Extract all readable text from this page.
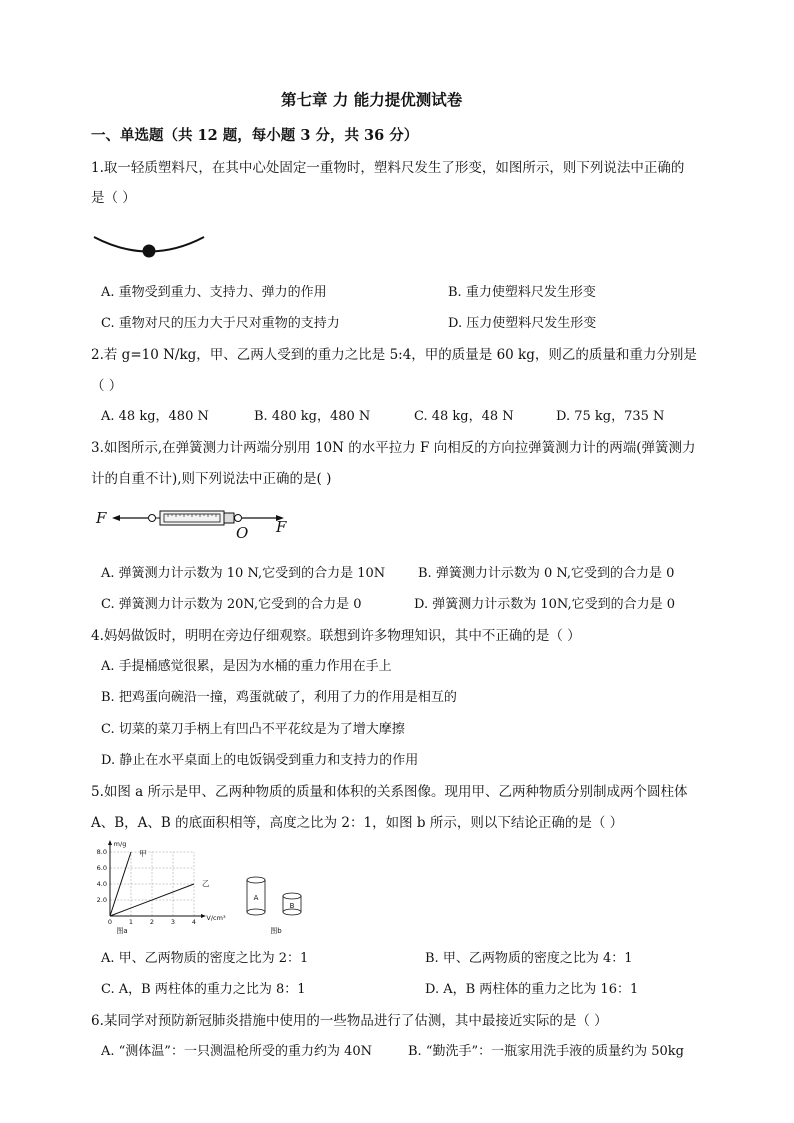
第七章 力 能力提优测试卷
一、单选题（共 12 题，每小题 3 分，共 36 分）
1.取一轻质塑料尺，在其中心处固定一重物时，塑料尺发生了形变，如图所示，则下列说法中正确的
是（ ）
A. 重物受到重力、支持力、弹力的作用	B. 重力使塑料尺发生形变
C. 重物对尺的压力大于尺对重物的支持力	D. 压力使塑料尺发生形变
2.若 g=10 N/kg，甲、乙两人受到的重力之比是 5:4，甲的质量是 60 kg，则乙的质量和重力分别是
（ ）
A. 48 kg，480 N	B. 480 kg，480 N	C. 48 kg，48 N	D. 75 kg，735 N
3.如图所示,在弹簧测力计两端分别用 10N 的水平拉力 F 向相反的方向拉弹簧测力计的两端(弹簧测力
计的自重不计),则下列说法中正确的是( )
F	F
O
A. 弹簧测力计示数为 10 N,它受到的合力是 10N	B. 弹簧测力计示数为 0 N,它受到的合力是 0
C. 弹簧测力计示数为 20N,它受到的合力是 0	D. 弹簧测力计示数为 10N,它受到的合力是 0
4.妈妈做饭时，明明在旁边仔细观察。联想到许多物理知识，其中不正确的是（ ）
A. 手提桶感觉很累，是因为水桶的重力作用在手上
B. 把鸡蛋向碗沿一撞，鸡蛋就破了，利用了力的作用是相互的
C. 切菜的菜刀手柄上有凹凸不平花纹是为了增大摩擦
D. 静止在水平桌面上的电饭锅受到重力和支持力的作用
5.如图 a 所示是甲、乙两种物质的质量和体积的关系图像。现用甲、乙两种物质分别制成两个圆柱体
A、B，A、B 的底面积相等，高度之比为 2：1，如图 b 所示，则以下结论正确的是（ ）
0	1	2	3	4
2.0
4.0
6.0
8.0
V/cm³
m/g
甲
乙
图a
A
B
图b
A. 甲、乙两物质的密度之比为 2：1	B. 甲、乙两物质的密度之比为 4：1
C. A，B 两柱体的重力之比为 8：1	D. A，B 两柱体的重力之比为 16：1
6.某同学对预防新冠肺炎措施中使用的一些物品进行了估测，其中最接近实际的是（ ）
A. “测体温”：一只测温枪所受的重力约为 40N	B. “勤洗手”：一瓶家用洗手液的质量约为 50kg
